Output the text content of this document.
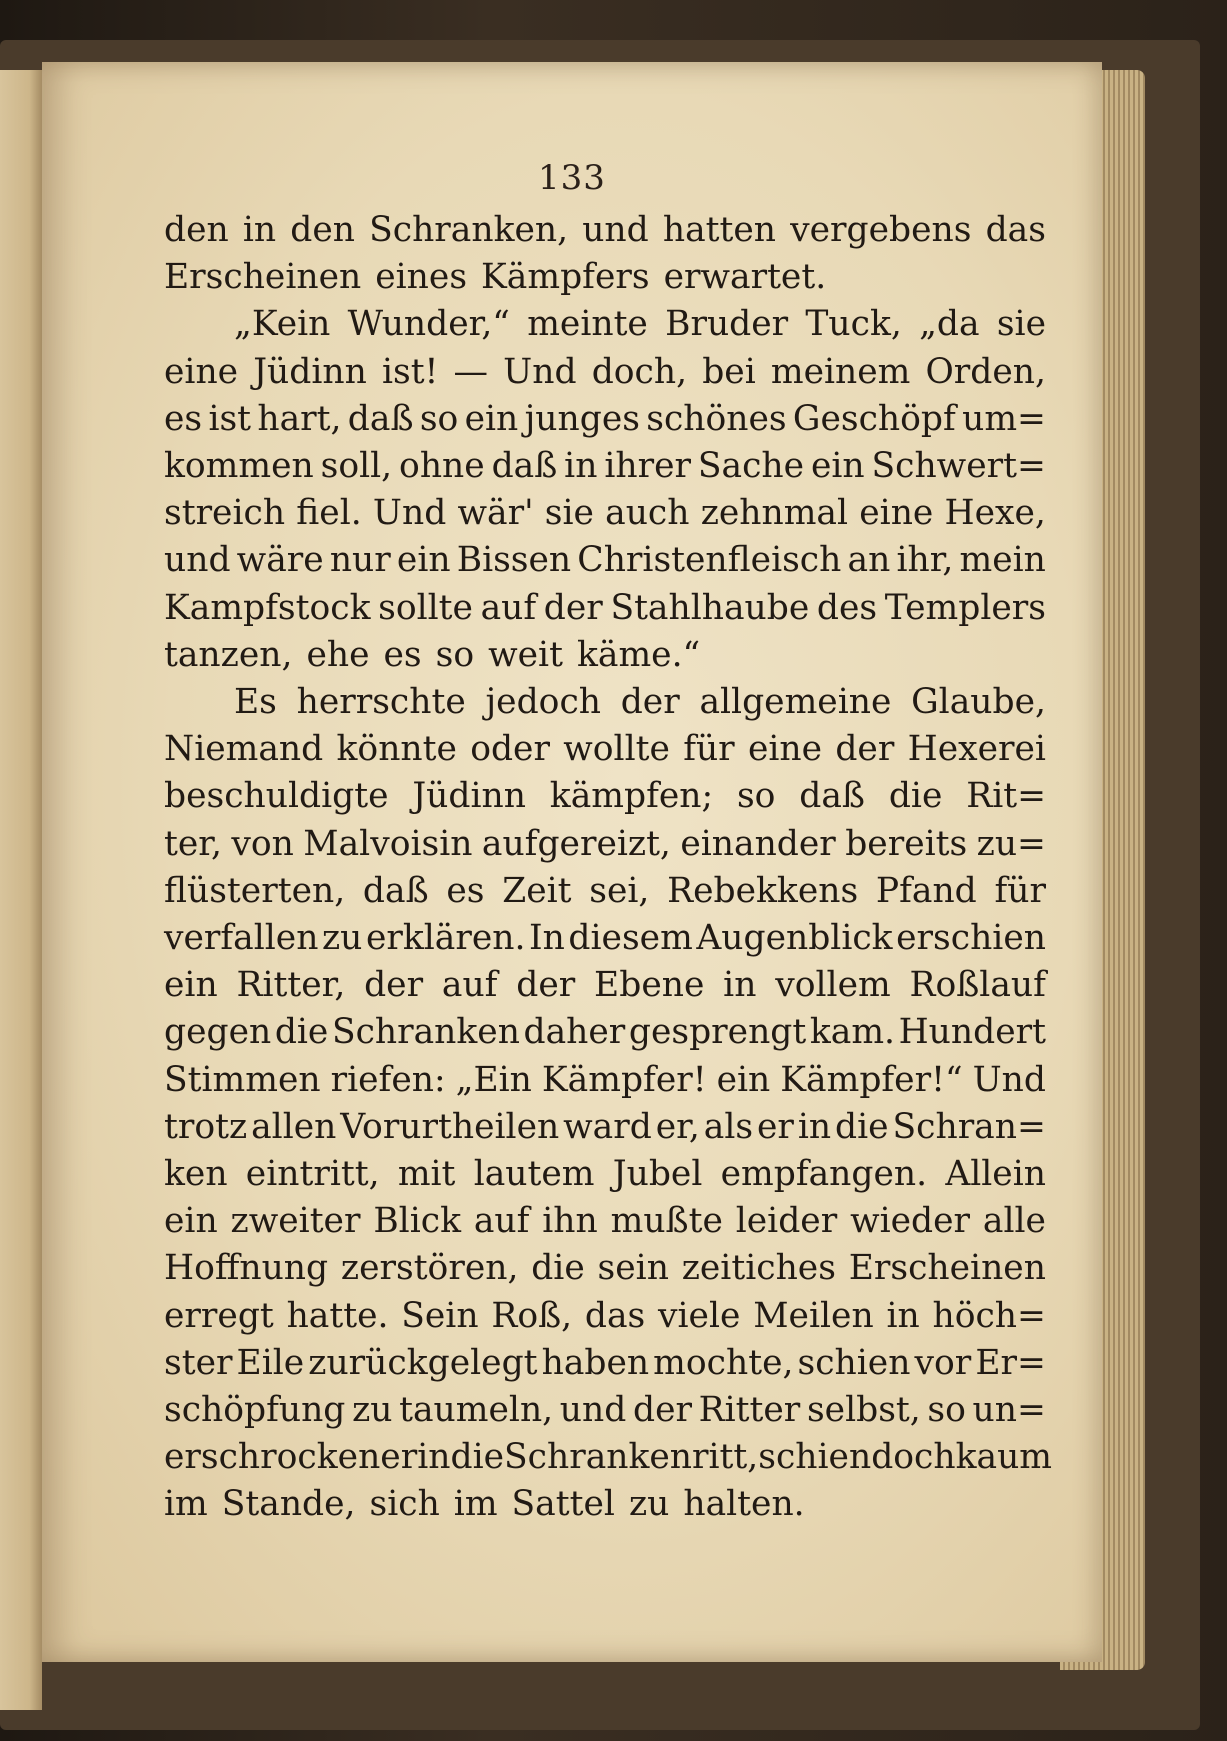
133
den in den Schranken, und hatten vergebens das
Erscheinen eines Kämpfers erwartet.
„Kein Wunder,“ meinte Bruder Tuck, „da sie
eine Jüdinn ist! — Und doch, bei meinem Orden,
es ist hart, daß so ein junges schönes Geschöpf um=
kommen soll, ohne daß in ihrer Sache ein Schwert=
streich fiel. Und wär' sie auch zehnmal eine Hexe,
und wäre nur ein Bissen Christenfleisch an ihr, mein
Kampfstock sollte auf der Stahlhaube des Templers
tanzen, ehe es so weit käme.“
Es herrschte jedoch der allgemeine Glaube,
Niemand könnte oder wollte für eine der Hexerei
beschuldigte Jüdinn kämpfen; so daß die Rit=
ter, von Malvoisin aufgereizt, einander bereits zu=
flüsterten, daß es Zeit sei, Rebekkens Pfand für
verfallen zu erklären. In diesem Augenblick erschien
ein Ritter, der auf der Ebene in vollem Roßlauf
gegen die Schranken daher gesprengt kam. Hundert
Stimmen riefen: „Ein Kämpfer! ein Kämpfer!“ Und
trotz allen Vorurtheilen ward er, als er in die Schran=
ken eintritt, mit lautem Jubel empfangen. Allein
ein zweiter Blick auf ihn mußte leider wieder alle
Hoffnung zerstören, die sein zeitiches Erscheinen
erregt hatte. Sein Roß, das viele Meilen in höch=
ster Eile zurückgelegt haben mochte, schien vor Er=
schöpfung zu taumeln, und der Ritter selbst, so un=
erschrocken er in die Schranken ritt, schien doch kaum
im Stande, sich im Sattel zu halten.
